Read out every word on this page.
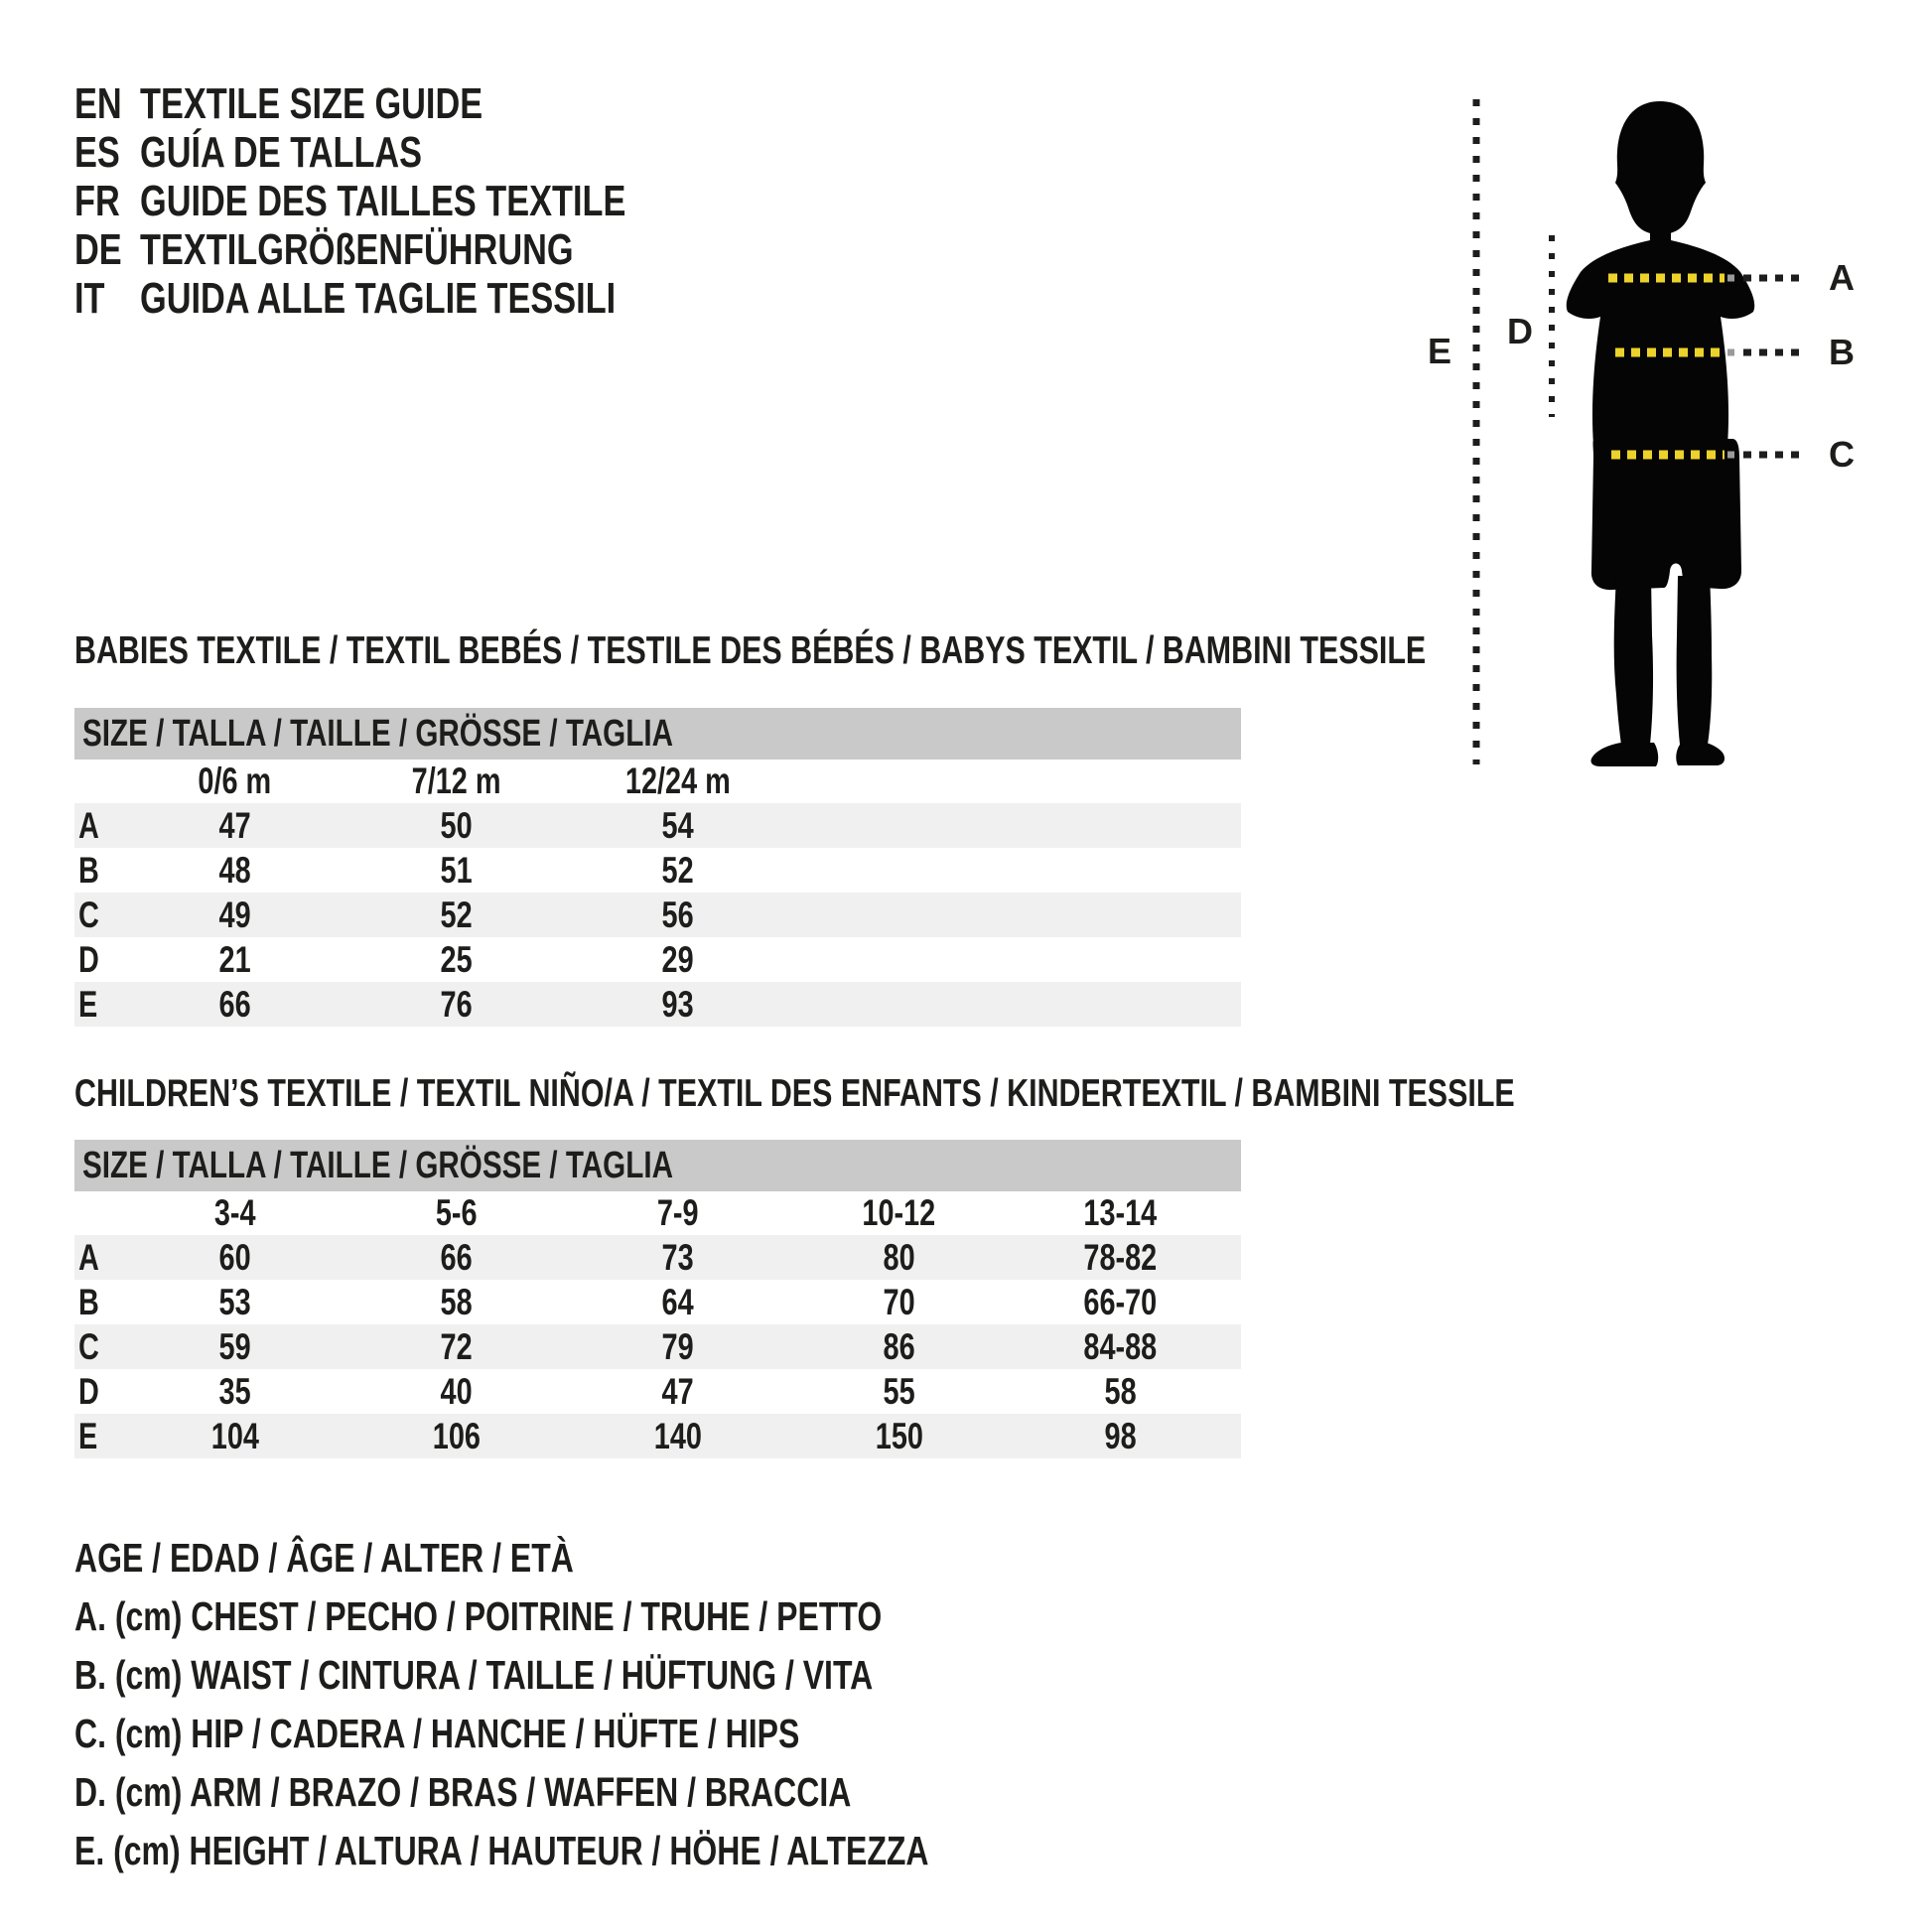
EN TEXTILE SIZE GUIDE
ES GUÍA DE TALLAS
FR GUIDE DES TAILLES TEXTILE
DE TEXTILGRÖßENFÜHRUNG
IT GUIDA ALLE TAGLIE TESSILI	A
B
C
D
E
BABIES TEXTILE / TEXTIL BEBÉS / TESTILE DES BÉBÉS / BABYS TEXTIL / BAMBINI TESSILE
SIZE / TALLA / TAILLE / GRÖSSE / TAGLIA
0/6 m	7/12 m	12/24 m
A	47	50	54
B	48	51	52
C	49	52	56
D	21	25	29
E	66	76	93
CHILDREN’S TEXTILE / TEXTIL NIÑO/A / TEXTIL DES ENFANTS / KINDERTEXTIL / BAMBINI TESSILE
SIZE / TALLA / TAILLE / GRÖSSE / TAGLIA
3-4	5-6	7-9	10-12	13-14
A	60	66	73	80	78-82
B	53	58	64	70	66-70
C	59	72	79	86	84-88
D	35	40	47	55	58
E	104	106	140	150	98
AGE / EDAD / ÂGE / ALTER / ETÀ
A. (cm) CHEST / PECHO / POITRINE / TRUHE / PETTO
B. (cm) WAIST / CINTURA / TAILLE / HÜFTUNG / VITA
C. (cm) HIP / CADERA / HANCHE / HÜFTE / HIPS
D. (cm) ARM / BRAZO / BRAS / WAFFEN / BRACCIA
E. (cm) HEIGHT / ALTURA / HAUTEUR / HÖHE / ALTEZZA
